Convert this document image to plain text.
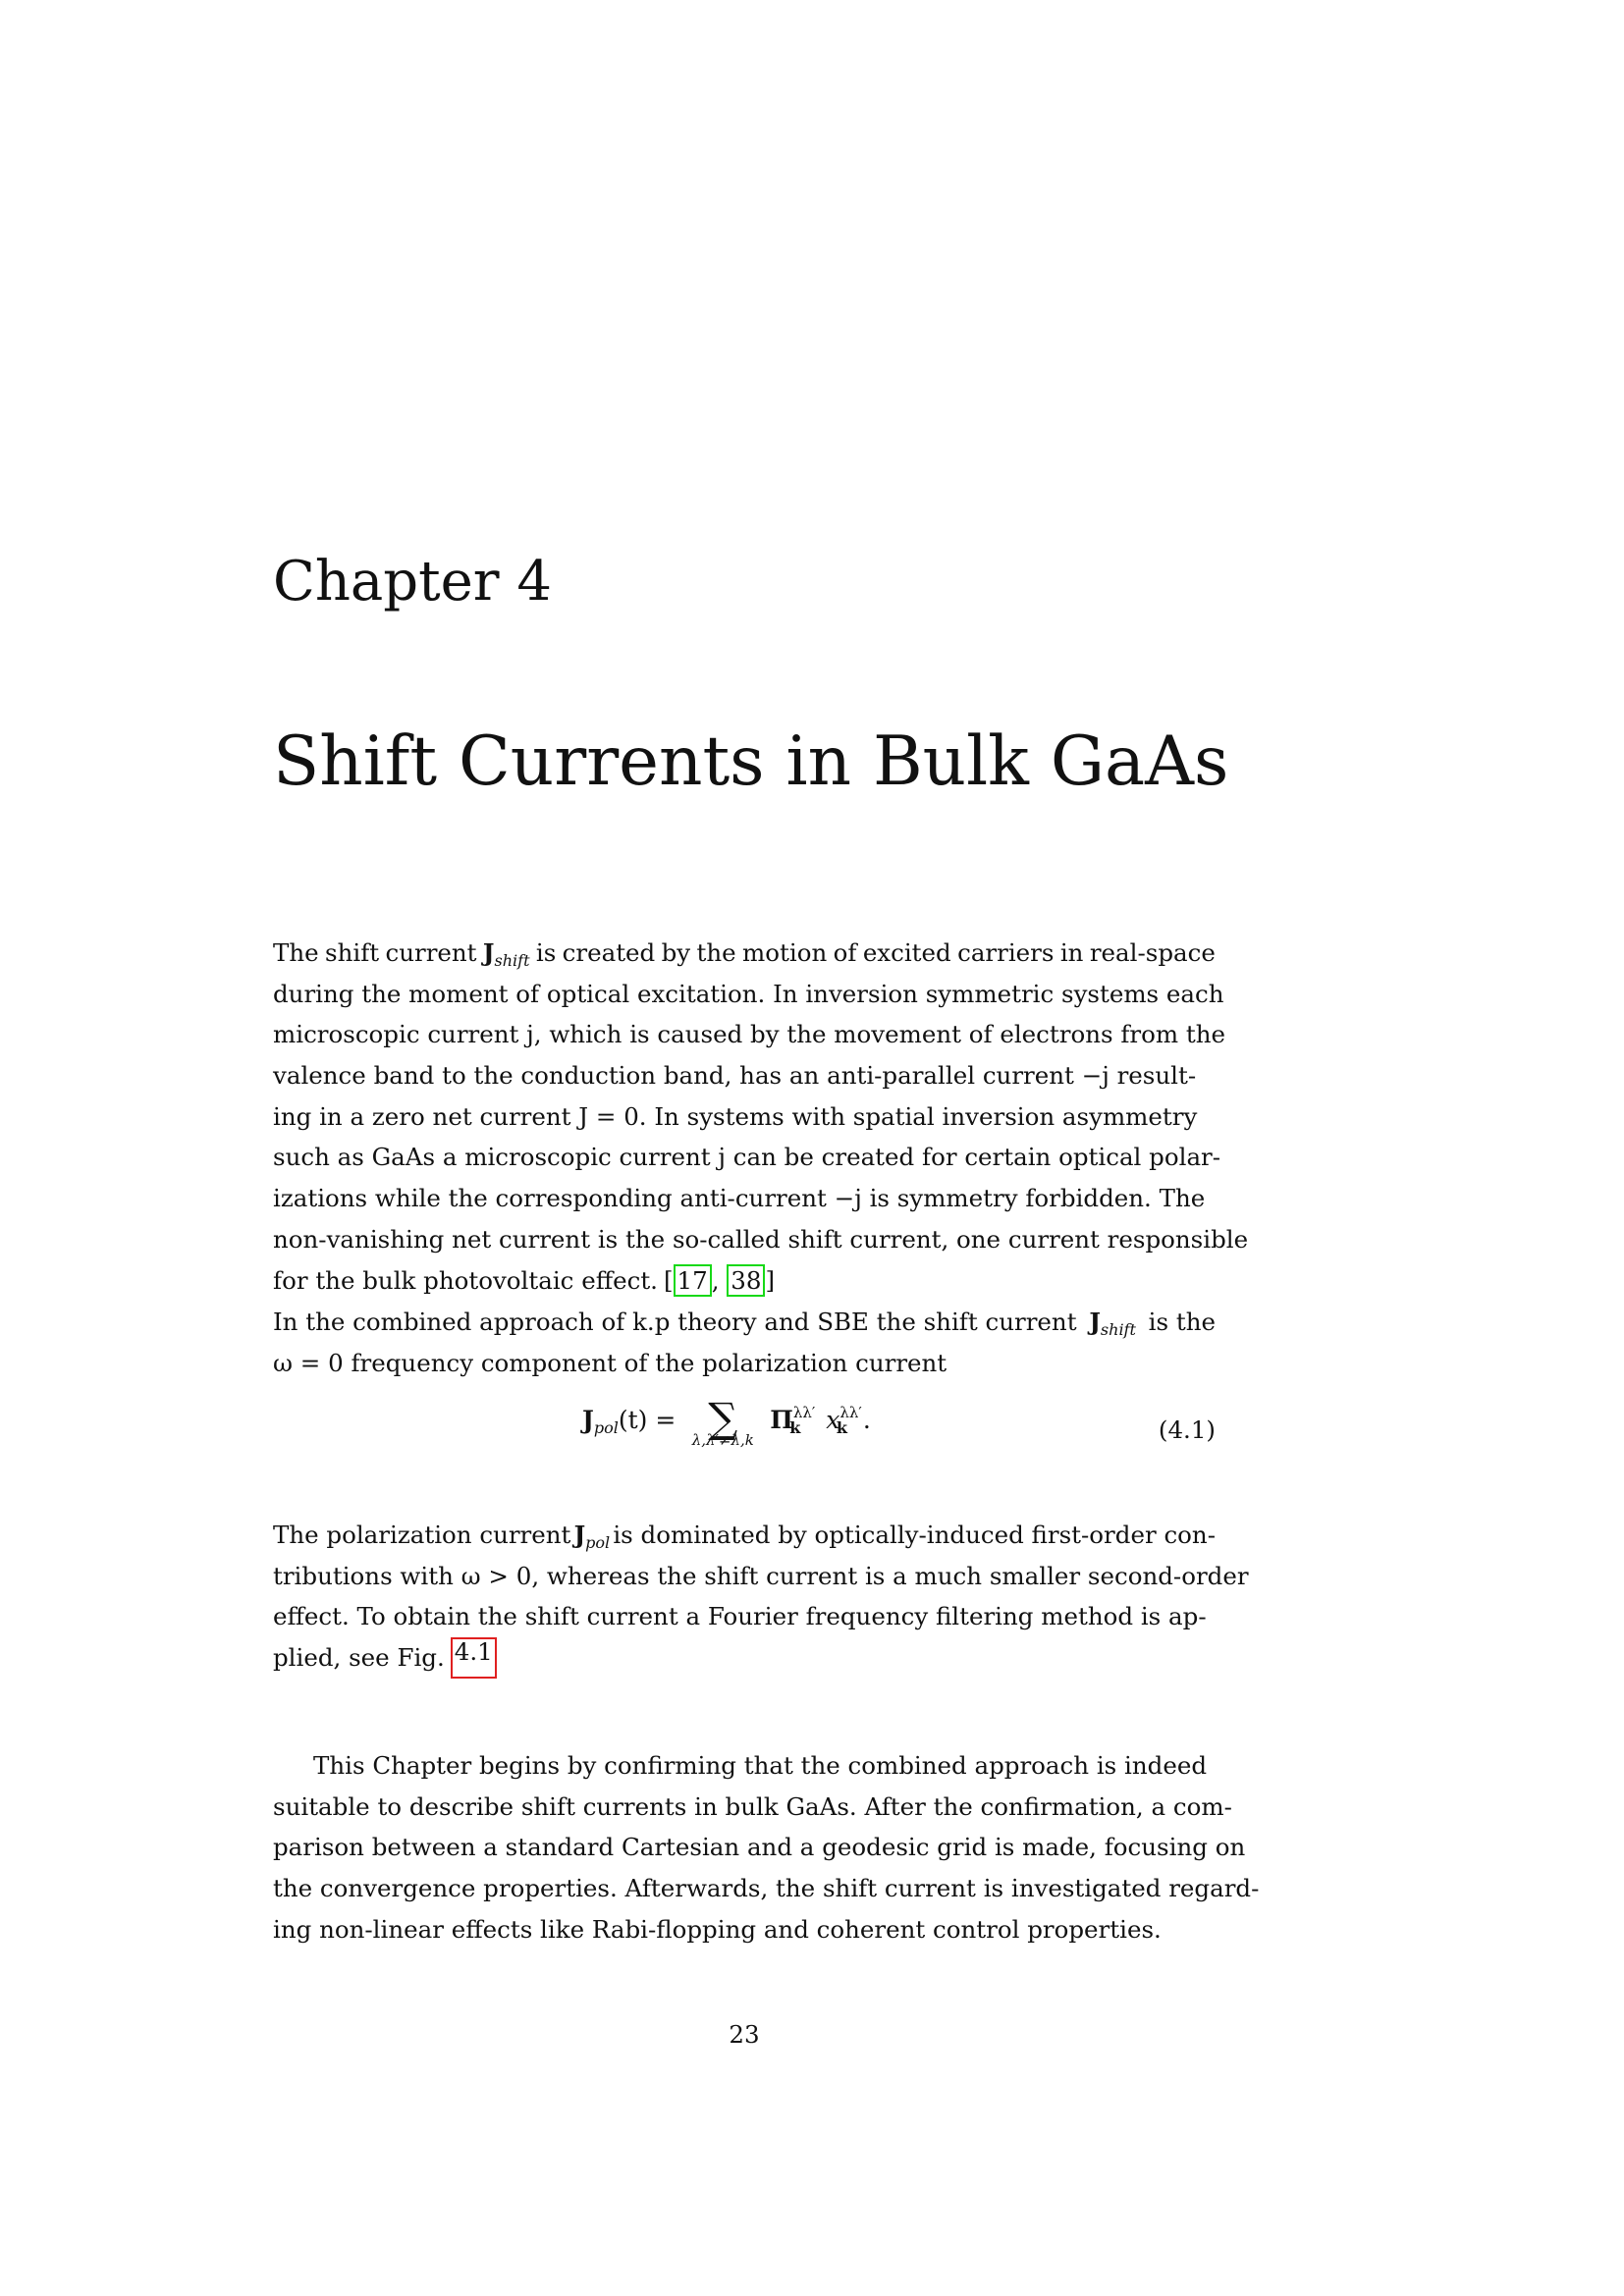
Chapter 4
Shift Currents in Bulk GaAs
The shift current $J_{shift}$ is created by the motion of excited carriers in real-space
during the moment of optical excitation. In inversion symmetric systems each
microscopic current j, which is caused by the movement of electrons from the
valence band to the conduction band, has an anti-parallel current −j result-
ing in a zero net current J = 0. In systems with spatial inversion asymmetry
such as GaAs a microscopic current j can be created for certain optical polar-
izations while the corresponding anti-current −j is symmetry forbidden. The
non-vanishing net current is the so-called shift current, one current responsible
for the bulk photovoltaic effect. [ 17 , 38 ]
In the combined approach of k.p theory and SBE the shift current $J_{shift}$ is the
ω = 0 frequency component of the polarization current
$J_{pol}(t)$ = ∑
λ,λ′≠λ,k
$\Pi^{\lambda\lambda'}_k$ $x^{\lambda\lambda'}_k$ .	(4.1)
The polarization current $J_{pol}$ is dominated by optically-induced first-order con-
tributions with ω > 0, whereas the shift current is a much smaller second-order
effect. To obtain the shift current a Fourier frequency filtering method is ap-
plied, see Fig. 4.1
This Chapter begins by confirming that the combined approach is indeed
suitable to describe shift currents in bulk GaAs. After the confirmation, a com-
parison between a standard Cartesian and a geodesic grid is made, focusing on
the convergence properties. Afterwards, the shift current is investigated regard-
ing non-linear effects like Rabi-flopping and coherent control properties.
23
